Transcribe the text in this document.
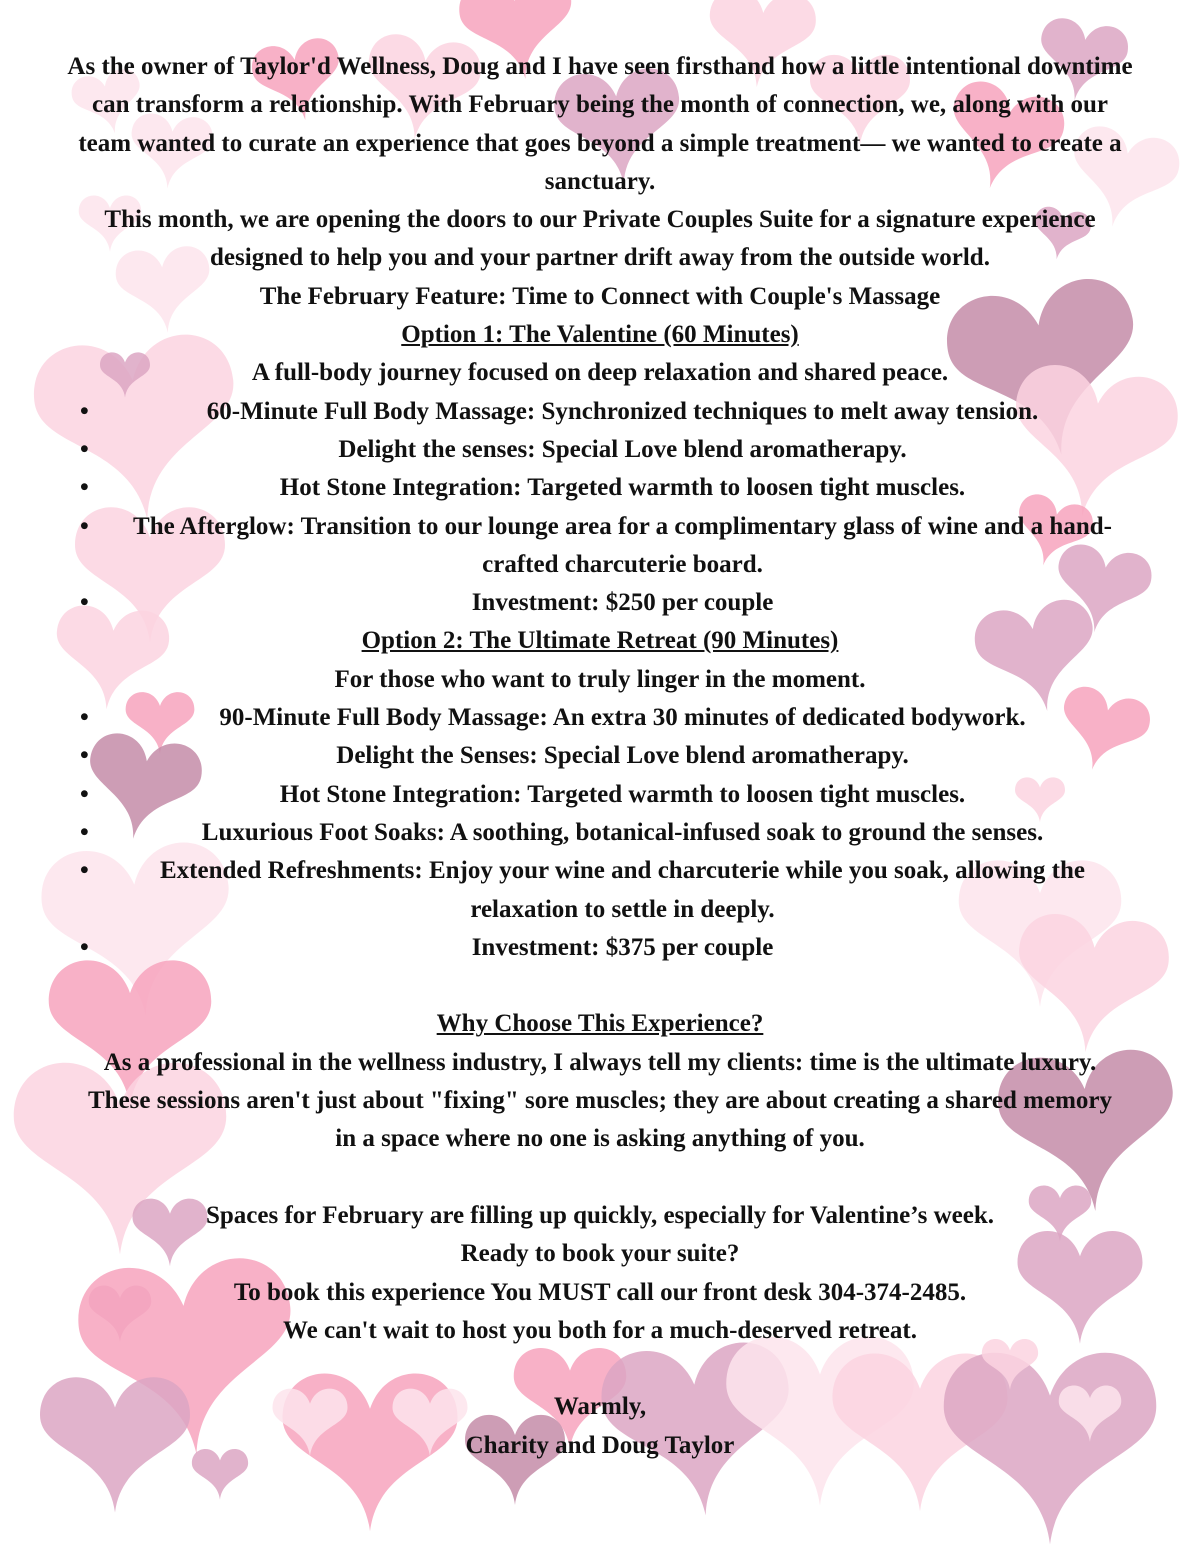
As the owner of Taylor'd Wellness, Doug and I have seen firsthand how a little intentional downtime can transform a relationship. With February being the month of connection, we, along with our team wanted to curate an experience that goes beyond a simple treatment— we wanted to create a sanctuary.

This month, we are opening the doors to our Private Couples Suite for a signature experience designed to help you and your partner drift away from the outside world.

The February Feature: Time to Connect with Couple's Massage

Option 1: The Valentine (60 Minutes)

A full-body journey focused on deep relaxation and shared peace.

•	60-Minute Full Body Massage: Synchronized techniques to melt away tension.
•	Delight the senses: Special Love blend aromatherapy.
•	Hot Stone Integration: Targeted warmth to loosen tight muscles.
• The Afterglow: Transition to our lounge area for a complimentary glass of wine and a hand-crafted charcuterie board.
•	Investment: $250 per couple

Option 2: The Ultimate Retreat (90 Minutes)

For those who want to truly linger in the moment.

•	90-Minute Full Body Massage: An extra 30 minutes of dedicated bodywork.
•	Delight the Senses: Special Love blend aromatherapy.
•	Hot Stone Integration: Targeted warmth to loosen tight muscles.
•	Luxurious Foot Soaks: A soothing, botanical-infused soak to ground the senses.
•	Extended Refreshments: Enjoy your wine and charcuterie while you soak, allowing the relaxation to settle in deeply.
•	Investment: $375 per couple

Why Choose This Experience?

As a professional in the wellness industry, I always tell my clients: time is the ultimate luxury. These sessions aren't just about "fixing" sore muscles; they are about creating a shared memory in a space where no one is asking anything of you.

Spaces for February are filling up quickly, especially for Valentine’s week.

Ready to book your suite?

To book this experience You MUST call our front desk 304-374-2485.

We can't wait to host you both for a much-deserved retreat.

Warmly,

Charity and Doug Taylor
